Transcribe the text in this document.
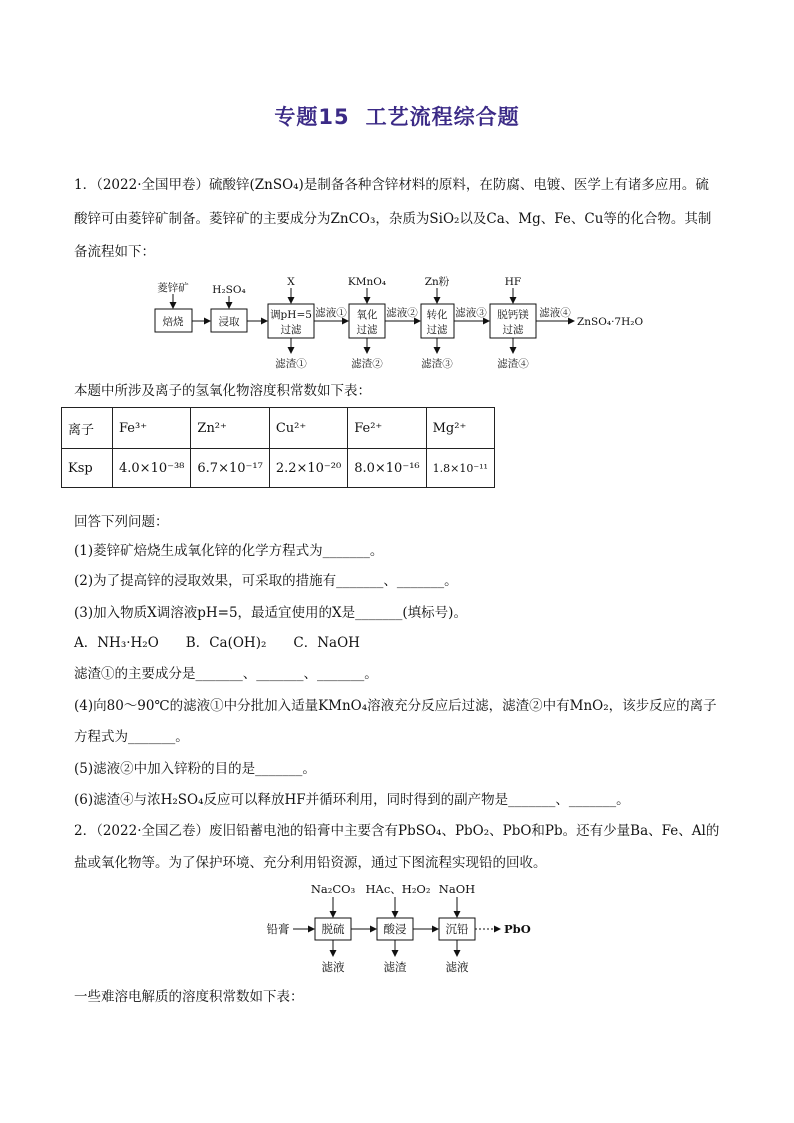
专题15 工艺流程综合题
1．（2022·全国甲卷）硫酸锌(ZnSO₄)是制备各种含锌材料的原料，在防腐、电镀、医学上有诸多应用。硫
酸锌可由菱锌矿制备。菱锌矿的主要成分为ZnCO₃，杂质为SiO₂以及Ca、Mg、Fe、Cu等的化合物。其制
备流程如下：
菱锌矿 H₂SO₄
X	KMnO₄	Zn粉	HF
焙烧	浸取
调pH=5
过滤
氧化
过滤
转化
过滤
脱钙镁
过滤
滤液①	滤液②	滤液③	滤液④
滤渣①	滤渣②	滤渣③	滤渣④
ZnSO₄·7H₂O
本题中所涉及离子的氢氧化物溶度积常数如下表：
离子	Fe³⁺	Zn²⁺	Cu²⁺	Fe²⁺	Mg²⁺
Ksp	4.0×10⁻³⁸	6.7×10⁻¹⁷	2.2×10⁻²⁰	8.0×10⁻¹⁶	1.8×10⁻¹¹
回答下列问题：
(1)菱锌矿焙烧生成氧化锌的化学方程式为_______。
(2)为了提高锌的浸取效果，可采取的措施有_______、_______。
(3)加入物质X调溶液pH=5，最适宜使用的X是_______(填标号)。
A．NH₃·H₂O　　B．Ca(OH)₂　　C．NaOH
滤渣①的主要成分是_______、_______、_______。
(4)向80～90℃的滤液①中分批加入适量KMnO₄溶液充分反应后过滤，滤渣②中有MnO₂，该步反应的离子
方程式为_______。
(5)滤液②中加入锌粉的目的是_______。
(6)滤渣④与浓H₂SO₄反应可以释放HF并循环利用，同时得到的副产物是_______、_______。
2．（2022·全国乙卷）废旧铅蓄电池的铅膏中主要含有PbSO₄、PbO₂、PbO和Pb。还有少量Ba、Fe、Al的
盐或氧化物等。为了保护环境、充分利用铅资源，通过下图流程实现铅的回收。
Na₂CO₃ HAc、H₂O₂ NaOH
铅膏	脱硫	酸浸	沉铅
滤液	滤渣	滤液
PbO
一些难溶电解质的溶度积常数如下表：
